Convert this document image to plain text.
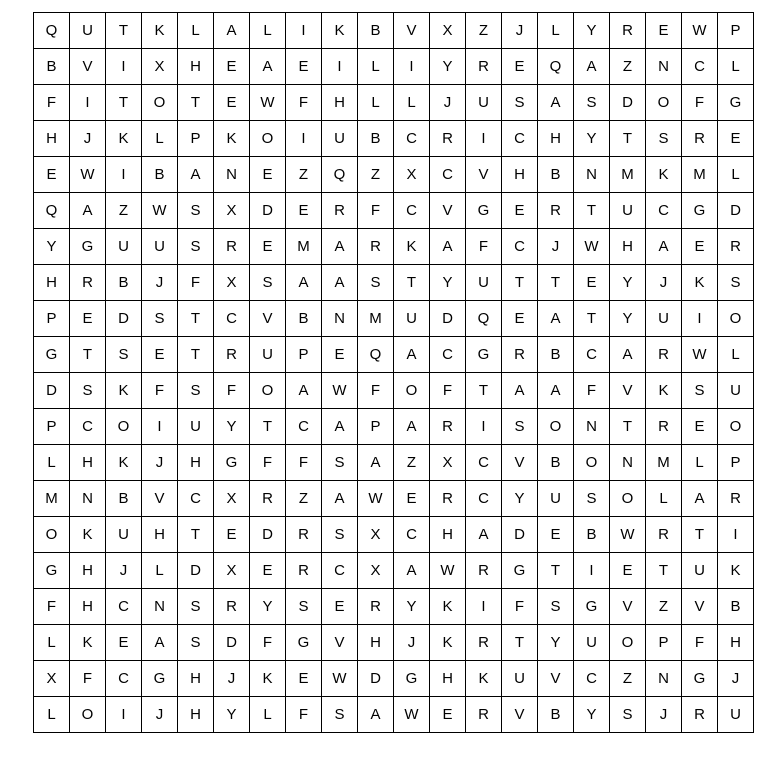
Q	U	T	K	L	A	L	I	K	B	V	X	Z	J	L	Y	R	E	W	P
B	V	I	X	H	E	A	E	I	L	I	Y	R	E	Q	A	Z	N	C	L
F	I	T	O	T	E	W	F	H	L	L	J	U	S	A	S	D	O	F	G
H	J	K	L	P	K	O	I	U	B	C	R	I	C	H	Y	T	S	R	E
E	W	I	B	A	N	E	Z	Q	Z	X	C	V	H	B	N	M	K	M	L
Q	A	Z	W	S	X	D	E	R	F	C	V	G	E	R	T	U	C	G	D
Y	G	U	U	S	R	E	M	A	R	K	A	F	C	J	W	H	A	E	R
H	R	B	J	F	X	S	A	A	S	T	Y	U	T	T	E	Y	J	K	S
P	E	D	S	T	C	V	B	N	M	U	D	Q	E	A	T	Y	U	I	O
G	T	S	E	T	R	U	P	E	Q	A	C	G	R	B	C	A	R	W	L
D	S	K	F	S	F	O	A	W	F	O	F	T	A	A	F	V	K	S	U
P	C	O	I	U	Y	T	C	A	P	A	R	I	S	O	N	T	R	E	O
L	H	K	J	H	G	F	F	S	A	Z	X	C	V	B	O	N	M	L	P
M	N	B	V	C	X	R	Z	A	W	E	R	C	Y	U	S	O	L	A	R
O	K	U	H	T	E	D	R	S	X	C	H	A	D	E	B	W	R	T	I
G	H	J	L	D	X	E	R	C	X	A	W	R	G	T	I	E	T	U	K
F	H	C	N	S	R	Y	S	E	R	Y	K	I	F	S	G	V	Z	V	B
L	K	E	A	S	D	F	G	V	H	J	K	R	T	Y	U	O	P	F	H
X	F	C	G	H	J	K	E	W	D	G	H	K	U	V	C	Z	N	G	J
L	O	I	J	H	Y	L	F	S	A	W	E	R	V	B	Y	S	J	R	U
